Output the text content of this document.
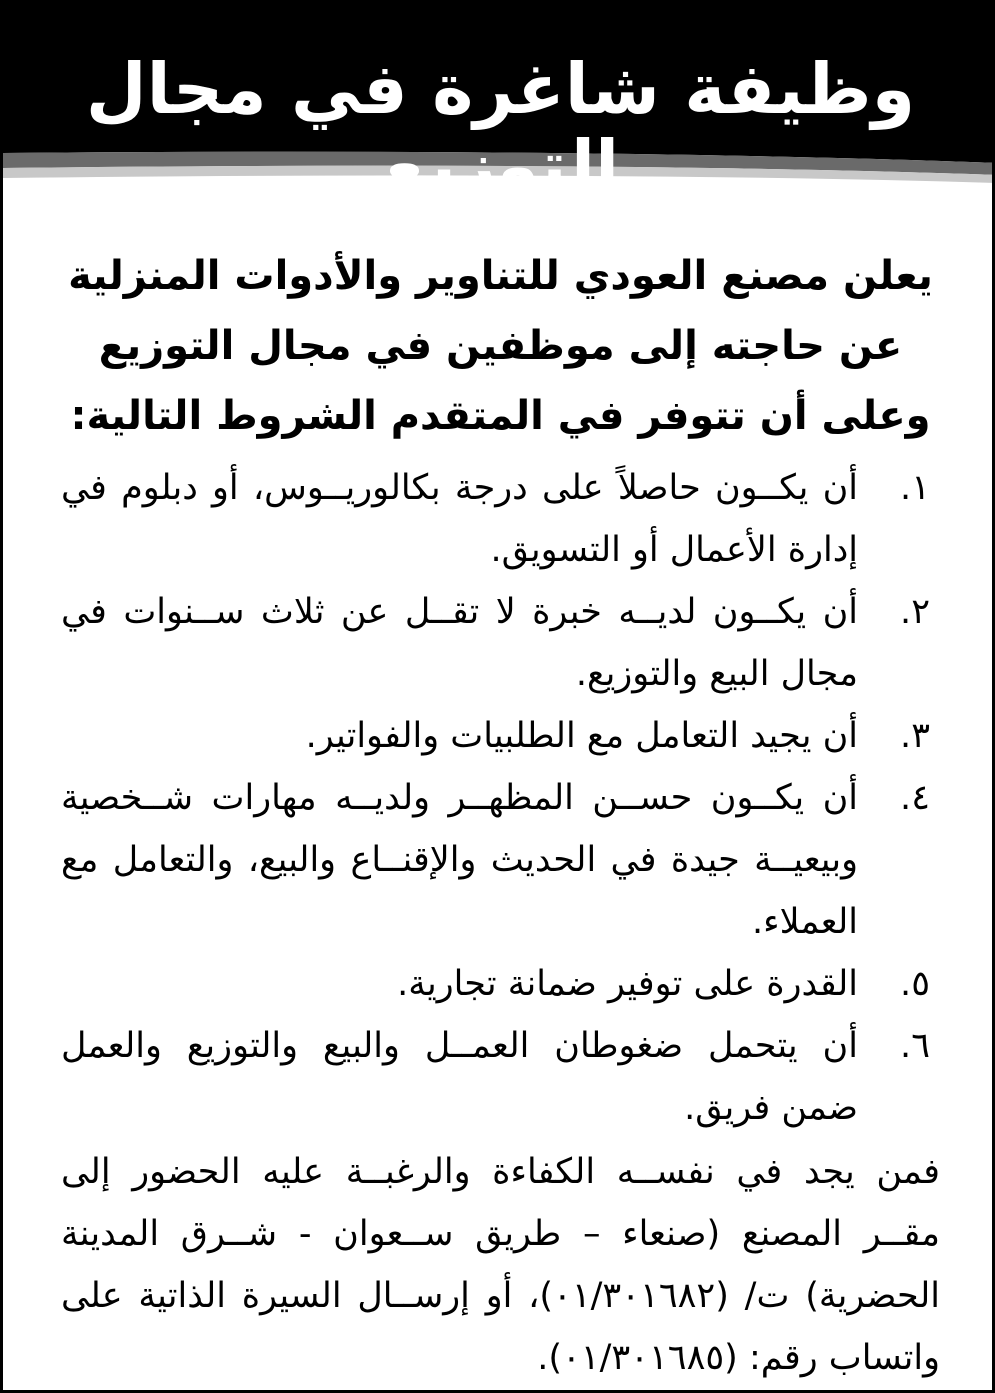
وظيفة شاغرة في مجال التوزيع

يعلن مصنع العودي للتناوير والأدوات المنزلية عن حاجته إلى موظفين في مجال التوزيع وعلى أن تتوفر في المتقدم الشروط التالية:

١.
أن يكــون حاصلاً على درجة بكالوريــوس، أو دبلوم في إدارة الأعمال أو التسويق.
٢.
أن يكــون لديــه خبرة لا تقــل عن ثلاث ســنوات في مجال البيع والتوزيع.
٣.
أن يجيد التعامل مع الطلبيات والفواتير.
٤.
أن يكــون حســن المظهــر ولديــه مهارات شــخصية وبيعيــة جيدة في الحديث والإقنــاع والبيع، والتعامل مع العملاء.
٥.
القدرة على توفير ضمانة تجارية.
٦.
أن يتحمل ضغوطان العمــل والبيع والتوزيع والعمل ضمن فريق.

فمن يجد في نفســه الكفاءة والرغبــة عليه الحضور إلى مقــر المصنع (صنعاء – طريق ســعوان - شــرق المدينة الحضرية) ت/ (٠١/٣٠١٦٨٢)، أو إرســال السيرة الذاتية على واتساب رقم: (٠١/٣٠١٦٨٥).
